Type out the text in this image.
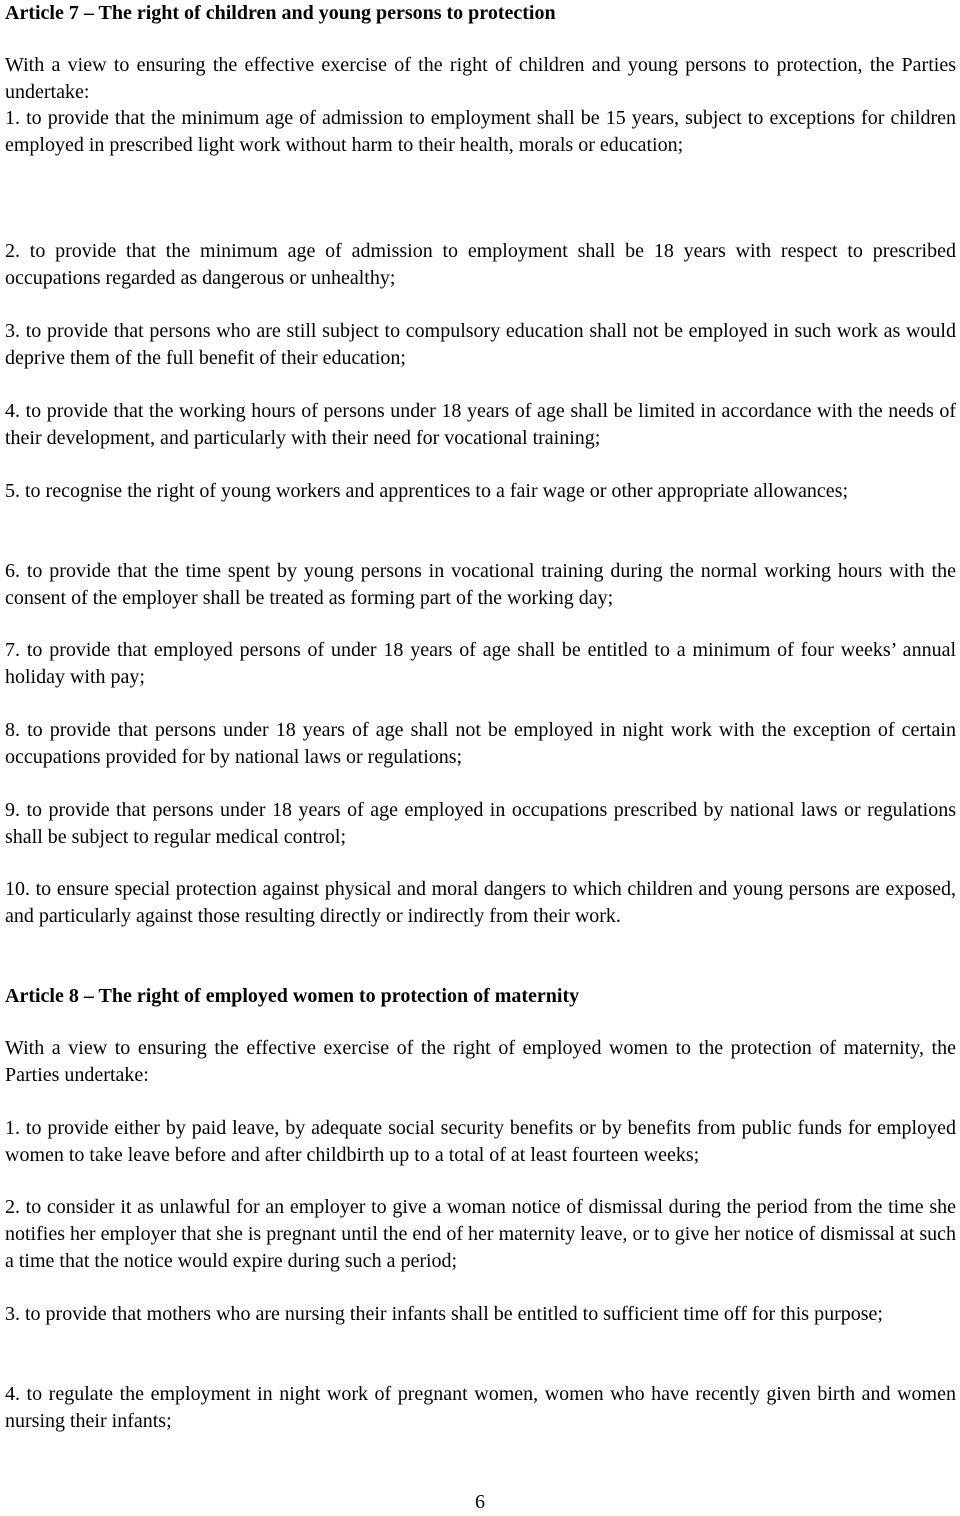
Article 7 – The right of children and young persons to protection

With a view to ensuring the effective exercise of the right of children and young persons to protection, the Parties undertake:

1. to provide that the minimum age of admission to employment shall be 15 years, subject to exceptions for children employed in prescribed light work without harm to their health, morals or education;

2. to provide that the minimum age of admission to employment shall be 18 years with respect to prescribed occupations regarded as dangerous or unhealthy;

3. to provide that persons who are still subject to compulsory education shall not be employed in such work as would deprive them of the full benefit of their education;

4. to provide that the working hours of persons under 18 years of age shall be limited in accordance with the needs of their development, and particularly with their need for vocational training;

5. to recognise the right of young workers and apprentices to a fair wage or other appropriate allowances;

6. to provide that the time spent by young persons in vocational training during the normal working hours with the consent of the employer shall be treated as forming part of the working day;

7. to provide that employed persons of under 18 years of age shall be entitled to a minimum of four weeks’ annual holiday with pay;

8. to provide that persons under 18 years of age shall not be employed in night work with the exception of certain occupations provided for by national laws or regulations;

9. to provide that persons under 18 years of age employed in occupations prescribed by national laws or regulations shall be subject to regular medical control;

10. to ensure special protection against physical and moral dangers to which children and young persons are exposed, and particularly against those resulting directly or indirectly from their work.

Article 8 – The right of employed women to protection of maternity

With a view to ensuring the effective exercise of the right of employed women to the protection of maternity, the Parties undertake:

1. to provide either by paid leave, by adequate social security benefits or by benefits from public funds for employed women to take leave before and after childbirth up to a total of at least fourteen weeks;

2. to consider it as unlawful for an employer to give a woman notice of dismissal during the period from the time she notifies her employer that she is pregnant until the end of her maternity leave, or to give her notice of dismissal at such a time that the notice would expire during such a period;

3. to provide that mothers who are nursing their infants shall be entitled to sufficient time off for this purpose;

4. to regulate the employment in night work of pregnant women, women who have recently given birth and women nursing their infants;

6
